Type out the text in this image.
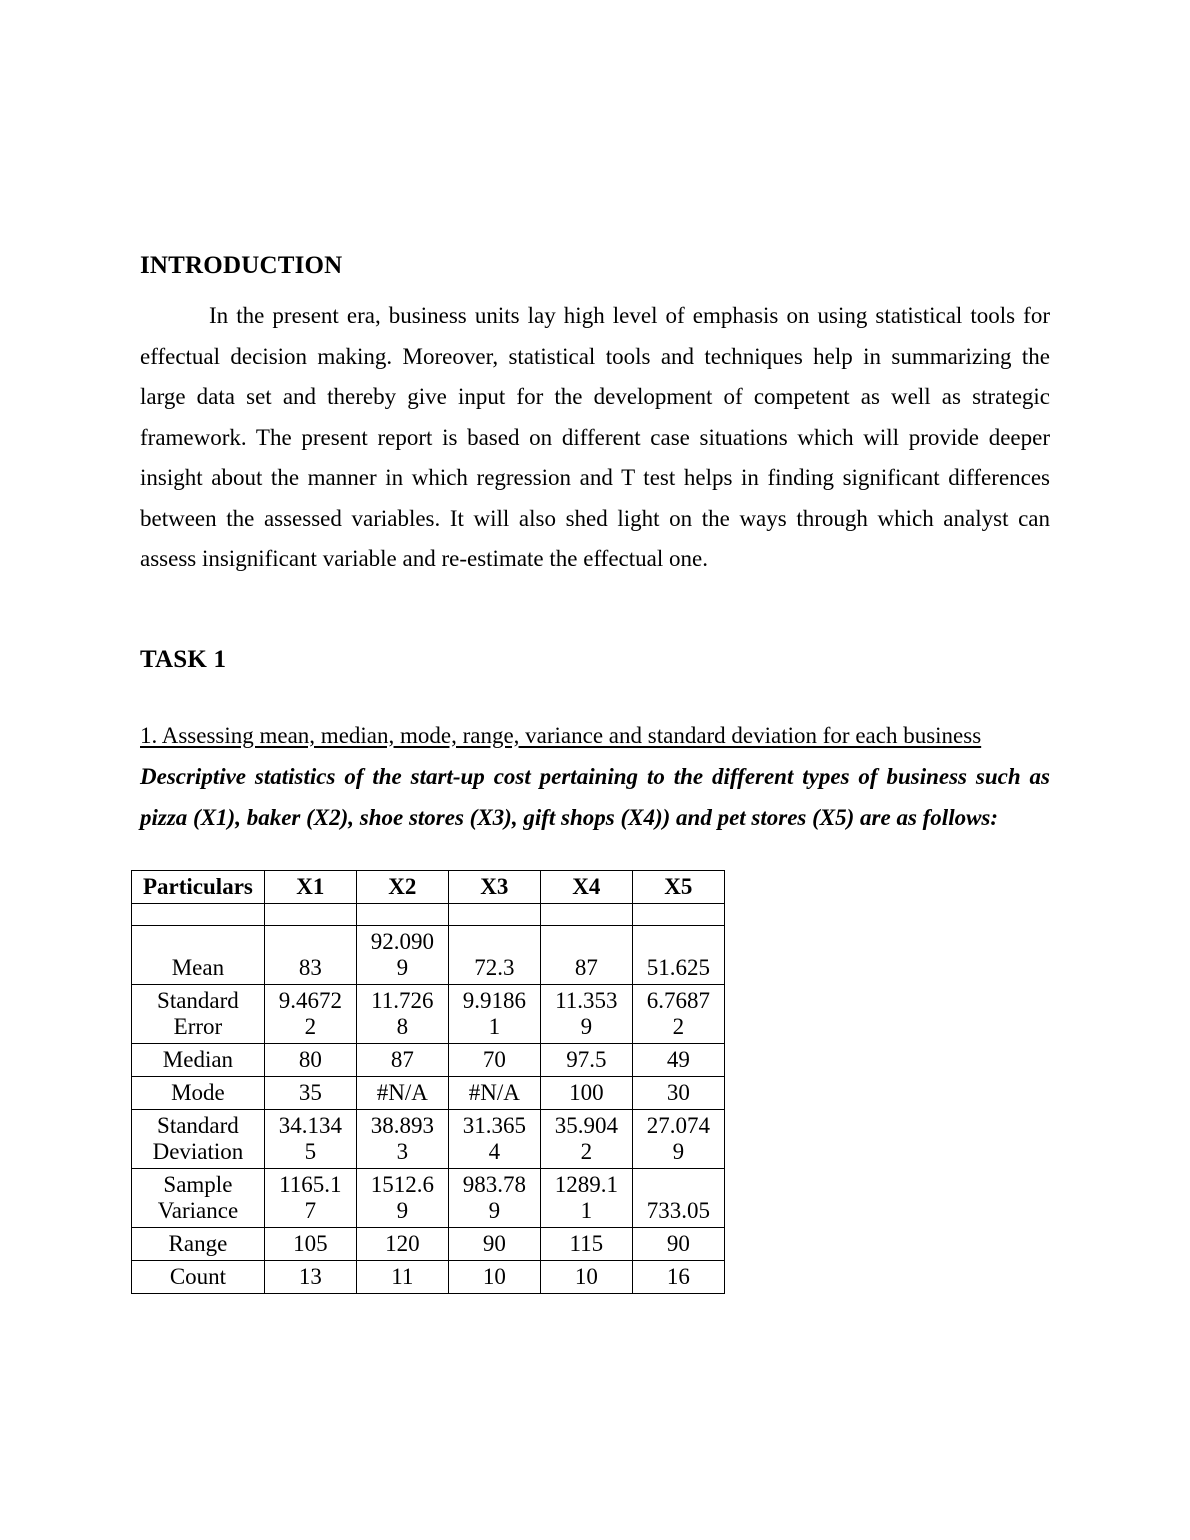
INTRODUCTION

In the present era, business units lay high level of emphasis on using statistical tools for effectual decision making. Moreover, statistical tools and techniques help in summarizing the large data set and thereby give input for the development of competent as well as strategic framework. The present report is based on different case situations which will provide deeper insight about the manner in which regression and T test helps in finding significant differences between the assessed variables. It will also shed light on the ways through which analyst can assess insignificant variable and re-estimate the effectual one.

TASK 1

1. Assessing mean, median, mode, range, variance and standard deviation for each business

Descriptive statistics of the start-up cost pertaining to the different types of business such as pizza (X1), baker (X2), shoe stores (X3), gift shops (X4)) and pet stores (X5) are as follows:

Particulars	X1	X2	X3	X4	X5

Mean	83	92.0909	72.3	87	51.625
Standard Error	9.46722	11.7268	9.91861	11.3539	6.76872
Median	80	87	70	97.5	49
Mode	35	#N/A	#N/A	100	30
Standard Deviation	34.1345	38.8933	31.3654	35.9042	27.0749
Sample Variance	1165.17	1512.69	983.789	1289.11	733.05
Range	105	120	90	115	90
Count	13	11	10	10	16
